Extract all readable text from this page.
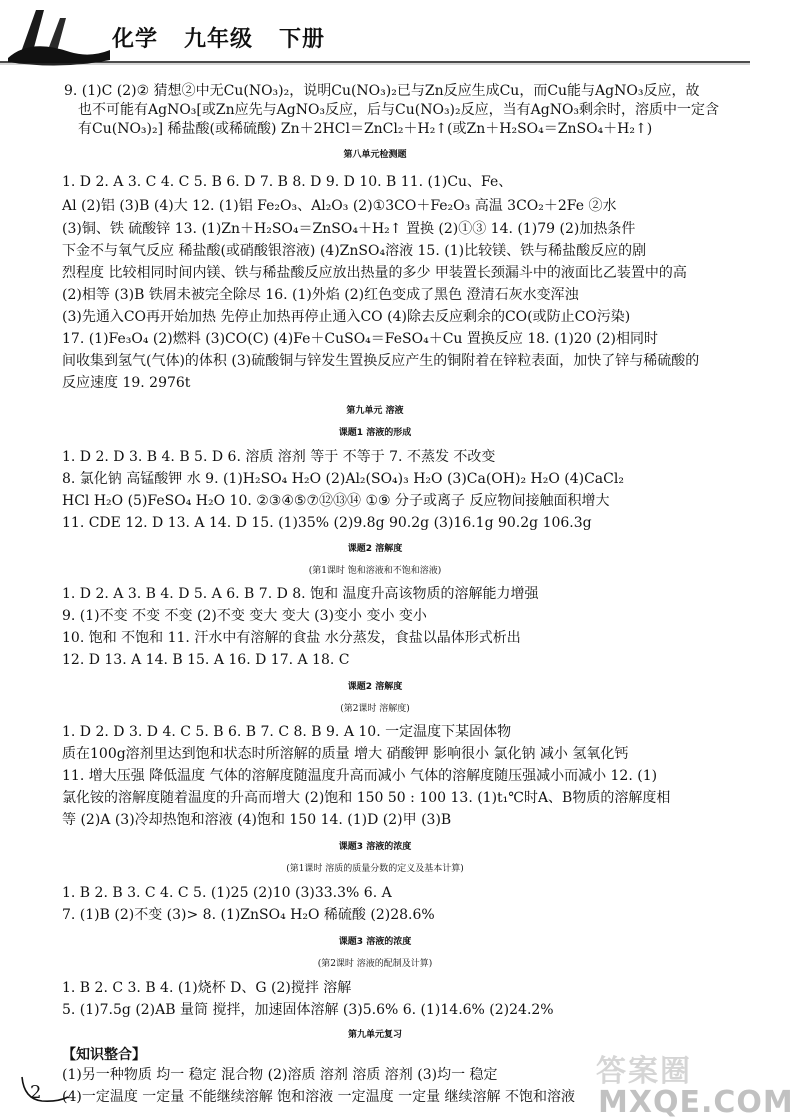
化学   九年级   下册
9. (1)C (2)② 猜想②中无Cu(NO₃)₂，说明Cu(NO₃)₂已与Zn反应生成Cu，而Cu能与AgNO₃反应，故
也不可能有AgNO₃[或Zn应先与AgNO₃反应，后与Cu(NO₃)₂反应，当有AgNO₃剩余时，溶质中一定含
有Cu(NO₃)₂] 稀盐酸(或稀硫酸) Zn＋2HCl＝ZnCl₂＋H₂↑(或Zn＋H₂SO₄＝ZnSO₄＋H₂↑)
第八单元检测题
1. D 2. A 3. C 4. C 5. B 6. D 7. B 8. D 9. D 10. B 11. (1)Cu、Fe、
Al (2)铝 (3)B (4)大 12. (1)铝 Fe₂O₃、Al₂O₃ (2)①3CO＋Fe₂O₃ 高温 3CO₂＋2Fe ②水
(3)铜、铁 硫酸锌 13. (1)Zn＋H₂SO₄＝ZnSO₄＋H₂↑ 置换 (2)①③ 14. (1)79 (2)加热条件
下金不与氧气反应 稀盐酸(或硝酸银溶液) (4)ZnSO₄溶液 15. (1)比较镁、铁与稀盐酸反应的剧
烈程度 比较相同时间内镁、铁与稀盐酸反应放出热量的多少 甲装置长颈漏斗中的液面比乙装置中的高
(2)相等 (3)B 铁屑未被完全除尽 16. (1)外焰 (2)红色变成了黑色 澄清石灰水变浑浊
(3)先通入CO再开始加热 先停止加热再停止通入CO (4)除去反应剩余的CO(或防止CO污染)
17. (1)Fe₃O₄ (2)燃料 (3)CO(C) (4)Fe＋CuSO₄＝FeSO₄＋Cu 置换反应 18. (1)20 (2)相同时
间收集到氢气(气体)的体积 (3)硫酸铜与锌发生置换反应产生的铜附着在锌粒表面，加快了锌与稀硫酸的
反应速度 19. 2976t
第九单元 溶液
课题1 溶液的形成
1. D 2. D 3. B 4. B 5. D 6. 溶质 溶剂 等于 不等于 7. 不蒸发 不改变
8. 氯化钠 高锰酸钾 水 9. (1)H₂SO₄ H₂O (2)Al₂(SO₄)₃ H₂O (3)Ca(OH)₂ H₂O (4)CaCl₂
HCl H₂O (5)FeSO₄ H₂O 10. ②③④⑤⑦⑫⑬⑭ ①⑨ 分子或离子 反应物间接触面积增大
11. CDE 12. D 13. A 14. D 15. (1)35% (2)9.8g 90.2g (3)16.1g 90.2g 106.3g
课题2 溶解度
(第1课时 饱和溶液和不饱和溶液)
1. D 2. A 3. B 4. D 5. A 6. B 7. D 8. 饱和 温度升高该物质的溶解能力增强
9. (1)不变 不变 不变 (2)不变 变大 变大 (3)变小 变小 变小
10. 饱和 不饱和 11. 汗水中有溶解的食盐 水分蒸发，食盐以晶体形式析出
12. D 13. A 14. B 15. A 16. D 17. A 18. C
课题2 溶解度
(第2课时 溶解度)
1. D 2. D 3. D 4. C 5. B 6. B 7. C 8. B 9. A 10. 一定温度下某固体物
质在100g溶剂里达到饱和状态时所溶解的质量 增大 硝酸钾 影响很小 氯化钠 减小 氢氧化钙
11. 增大压强 降低温度 气体的溶解度随温度升高而减小 气体的溶解度随压强减小而减小 12. (1)
氯化铵的溶解度随着温度的升高而增大 (2)饱和 150 50 : 100 13. (1)t₁℃时A、B物质的溶解度相
等 (2)A (3)冷却热饱和溶液 (4)饱和 150 14. (1)D (2)甲 (3)B
课题3 溶液的浓度
(第1课时 溶质的质量分数的定义及基本计算)
1. B 2. B 3. C 4. C 5. (1)25 (2)10 (3)33.3% 6. A
7. (1)B (2)不变 (3)> 8. (1)ZnSO₄ H₂O 稀硫酸 (2)28.6%
课题3 溶液的浓度
(第2课时 溶液的配制及计算)
1. B 2. C 3. B 4. (1)烧杯 D、G (2)搅拌 溶解
5. (1)7.5g (2)AB 量筒 搅拌，加速固体溶解 (3)5.6% 6. (1)14.6% (2)24.2%
第九单元复习
【知识整合】
(1)另一种物质 均一 稳定 混合物 (2)溶质 溶剂 溶质 溶剂 (3)均一 稳定
(4)一定温度 一定量 不能继续溶解 饱和溶液 一定温度 一定量 继续溶解 不饱和溶液
2
答案圈
MXQE.COM
